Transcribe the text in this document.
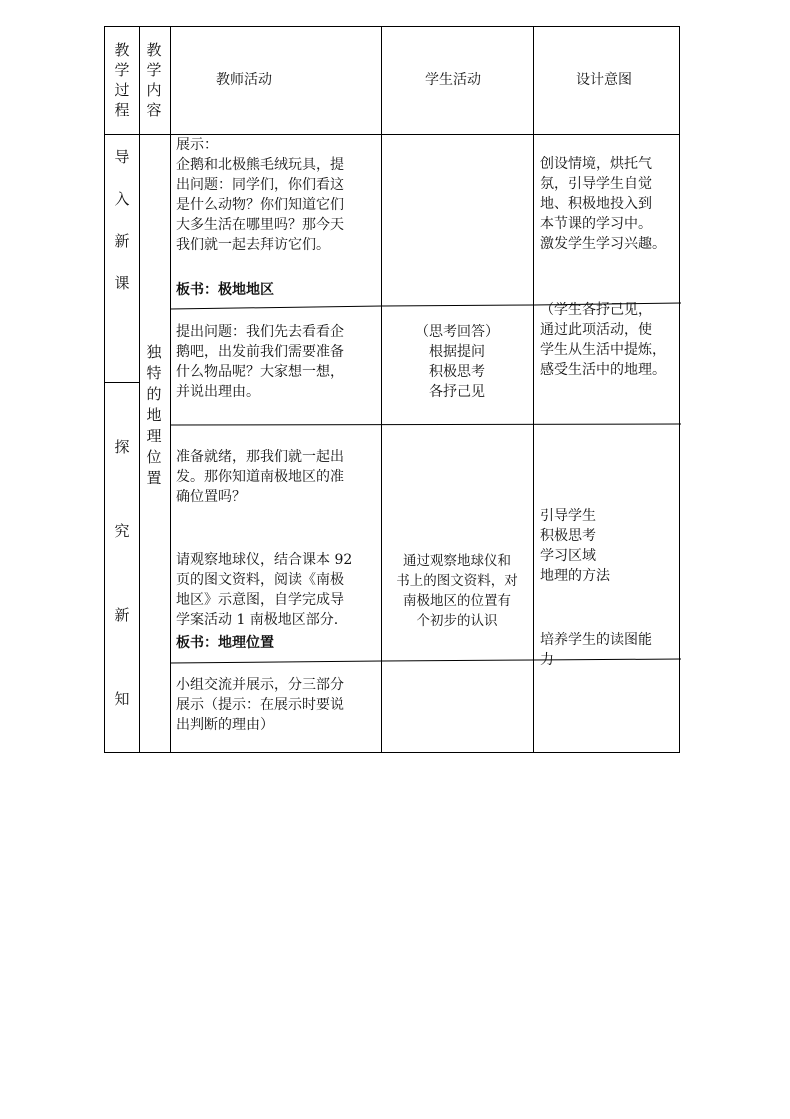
教
学
过
程
教
学
内
容
教师活动	学生活动	设计意图
导
入
新
课
探
究
新
知
独
特
的
地
理
位
置
展示：
企鹅和北极熊毛绒玩具，提
出问题：同学们，你们看这
是什么动物？你们知道它们
大多生活在哪里吗？那今天
我们就一起去拜访它们。
板书：极地地区
提出问题：我们先去看看企
鹅吧，出发前我们需要准备
什么物品呢？大家想一想，
并说出理由。
准备就绪，那我们就一起出
发。那你知道南极地区的准
确位置吗？
请观察地球仪，结合课本 92
页的图文资料，阅读《南极
地区》示意图，自学完成导
学案活动 1 南极地区部分.
板书：地理位置
小组交流并展示，分三部分
展示（提示：在展示时要说
出判断的理由）
（思考回答）
根据提问
积极思考
各抒己见
通过观察地球仪和
书上的图文资料，对
南极地区的位置有
个初步的认识
创设情境，烘托气
氛，引导学生自觉
地、积极地投入到
本节课的学习中。
激发学生学习兴趣。
（学生各抒己见，
通过此项活动，使
学生从生活中提炼，
感受生活中的地理。
引导学生
积极思考
学习区域
地理的方法
培养学生的读图能
力
